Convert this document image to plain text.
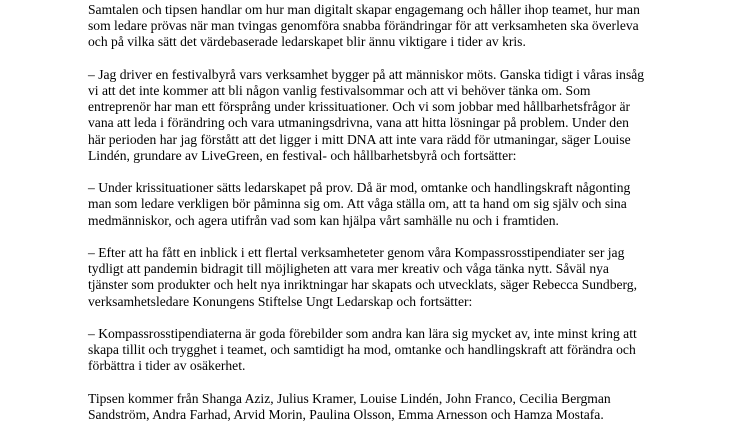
Samtalen och tipsen handlar om hur man digitalt skapar engagemang och håller ihop teamet, hur man
som ledare prövas när man tvingas genomföra snabba förändringar för att verksamheten ska överleva
och på vilka sätt det värdebaserade ledarskapet blir ännu viktigare i tider av kris.

– Jag driver en festivalbyrå vars verksamhet bygger på att människor möts. Ganska tidigt i våras insåg
vi att det inte kommer att bli någon vanlig festivalsommar och att vi behöver tänka om. Som
entreprenör har man ett försprång under krissituationer. Och vi som jobbar med hållbarhetsfrågor är
vana att leda i förändring och vara utmaningsdrivna, vana att hitta lösningar på problem. Under den
här perioden har jag förstått att det ligger i mitt DNA att inte vara rädd för utmaningar, säger Louise
Lindén, grundare av LiveGreen, en festival- och hållbarhetsbyrå och fortsätter:

– Under krissituationer sätts ledarskapet på prov. Då är mod, omtanke och handlingskraft någonting
man som ledare verkligen bör påminna sig om. Att våga ställa om, att ta hand om sig själv och sina
medmänniskor, och agera utifrån vad som kan hjälpa vårt samhälle nu och i framtiden.

– Efter att ha fått en inblick i ett flertal verksamheteter genom våra Kompassrosstipendiater ser jag
tydligt att pandemin bidragit till möjligheten att vara mer kreativ och våga tänka nytt. Såväl nya
tjänster som produkter och helt nya inriktningar har skapats och utvecklats, säger Rebecca Sundberg,
verksamhetsledare Konungens Stiftelse Ungt Ledarskap och fortsätter:

– Kompassrosstipendiaterna är goda förebilder som andra kan lära sig mycket av, inte minst kring att
skapa tillit och trygghet i teamet, och samtidigt ha mod, omtanke och handlingskraft att förändra och
förbättra i tider av osäkerhet.

Tipsen kommer från Shanga Aziz, Julius Kramer, Louise Lindén, John Franco, Cecilia Bergman
Sandström, Andra Farhad, Arvid Morin, Paulina Olsson, Emma Arnesson och Hamza Mostafa.
